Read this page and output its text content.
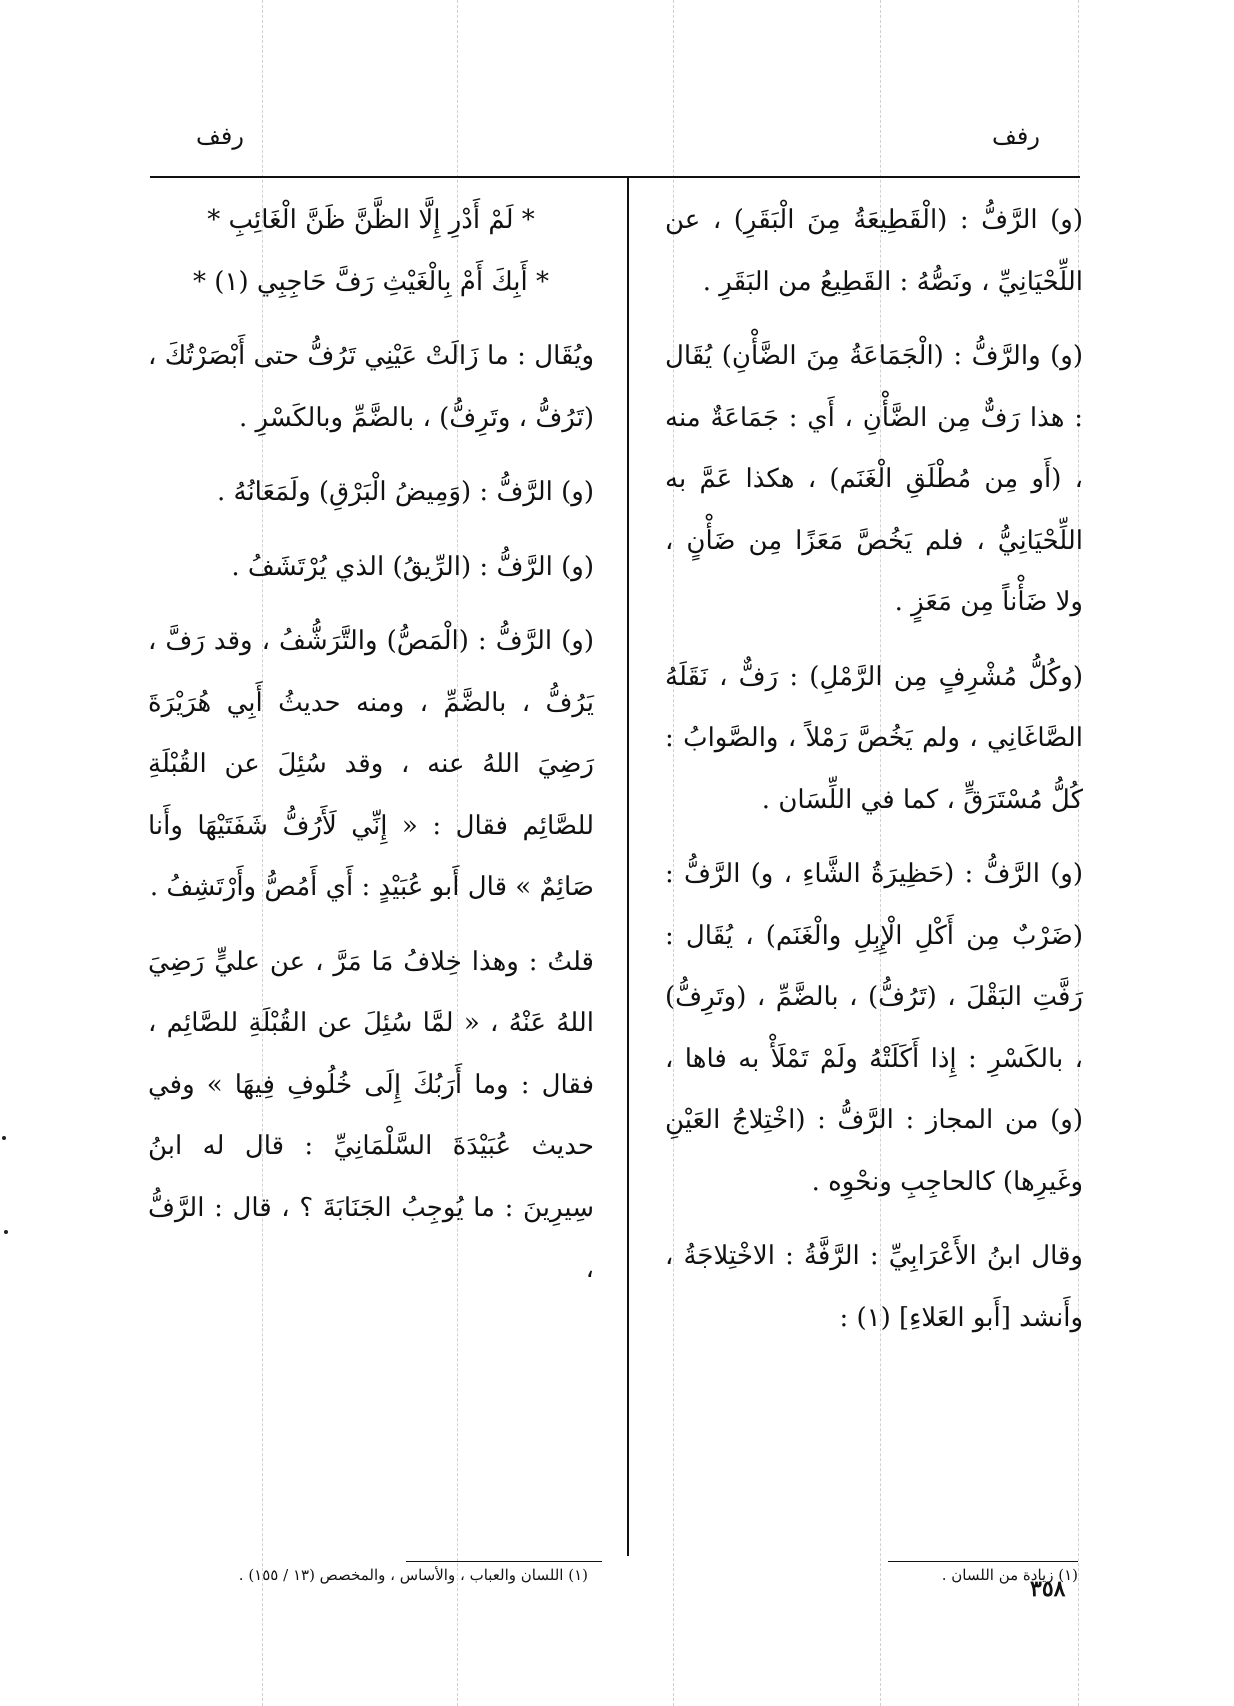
رفف
رفف

(و) الرَّفُّ : (الْقَطِيعَةُ مِنَ الْبَقَرِ) ، عن اللِّحْيَانِيِّ ، ونَصُّهُ : القَطِيعُ من البَقَرِ .

(و) والرَّفُّ : (الْجَمَاعَةُ مِنَ الضَّأْنِ) يُقَال : هذا رَفٌّ مِن الضَّأْنِ ، أَي : جَمَاعَةٌ منه ، (أَو مِن مُطْلَقِ الْغَنَم) ، هكذا عَمَّ به اللِّحْيَانِيُّ ، فلم يَخُصَّ مَعَزًا مِن ضَأْنٍ ، ولا ضَأْناً مِن مَعَزٍ .

(وكُلُّ مُشْرِفٍ مِن الرَّمْلِ) : رَفٌّ ، نَقَلَهُ الصَّاغَانِي ، ولم يَخُصَّ رَمْلاً ، والصَّوابُ : كُلُّ مُسْتَرَقٍّ ، كما في اللِّسَان .

(و) الرَّفُّ : (حَظِيرَةُ الشَّاءِ ، و) الرَّفُّ : (ضَرْبٌ مِن أَكْلِ الْإِبِلِ والْغَنَم) ، يُقَال : رَفَّتِ البَقْلَ ، (تَرُفُّ) ، بالضَّمِّ ، (وتَرِفُّ) ، بالكَسْرِ : إِذا أَكَلَتْهُ ولَمْ تَمْلَأْ به فاها ، (و) من المجاز : الرَّفُّ : (اخْتِلاجُ العَيْنِ وغَيرِها) كالحاجِبِ ونحْوِه .

وقال ابنُ الأَعْرَابِيِّ : الرَّفَّةُ : الاخْتِلاجَةُ ، وأَنشد [أَبو العَلاءِ] (١) :

* لَمْ أَدْرِ إِلَّا الظَّنَّ ظَنَّ الْغَائِبِ *

* أَبِكَ أَمْ بِالْغَيْثِ رَفَّ حَاجِبِي (١) *

ويُقَال : ما زَالَتْ عَيْنِي تَرُفُّ حتى أَبْصَرْتُكَ ، (تَرُفُّ ، وتَرِفُّ) ، بالضَّمِّ وبالكَسْرِ .

(و) الرَّفُّ : (وَمِيضُ الْبَرْقِ) ولَمَعَانُهُ .

(و) الرَّفُّ : (الرِّيقُ) الذي يُرْتَشَفُ .

(و) الرَّفُّ : (الْمَصُّ) والتَّرَشُّفُ ، وقد رَفَّ ، يَرُفُّ ، بالضَّمِّ ، ومنه حديثُ أَبِي هُرَيْرَةَ رَضِيَ اللهُ عنه ، وقد سُئِلَ عن القُبْلَةِ للصَّائِم فقال : « إِنِّي لَأَرُفُّ شَفَتَيْهَا وأَنا صَائِمٌ » قال أَبو عُبَيْدٍ : أَي أَمُصُّ وأَرْتَشِفُ .

قلتُ : وهذا خِلافُ مَا مَرَّ ، عن عليٍّ رَضِيَ اللهُ عَنْهُ ، « لمَّا سُئِلَ عن القُبْلَةِ للصَّائِم ، فقال : وما أَرَبُكَ إِلَى خُلُوفِ فِيهَا » وفي حديث عُبَيْدَةَ السَّلْمَانِيِّ : قال له ابنُ سِيرِينَ : ما يُوجِبُ الجَنَابَةَ ؟ ، قال : الرَّفُّ ،

(١) زيادة من اللسان .
(١) اللسان والعباب ، والأساس ، والمخصص (١٣ / ١٥٥) .
٣٥٨
